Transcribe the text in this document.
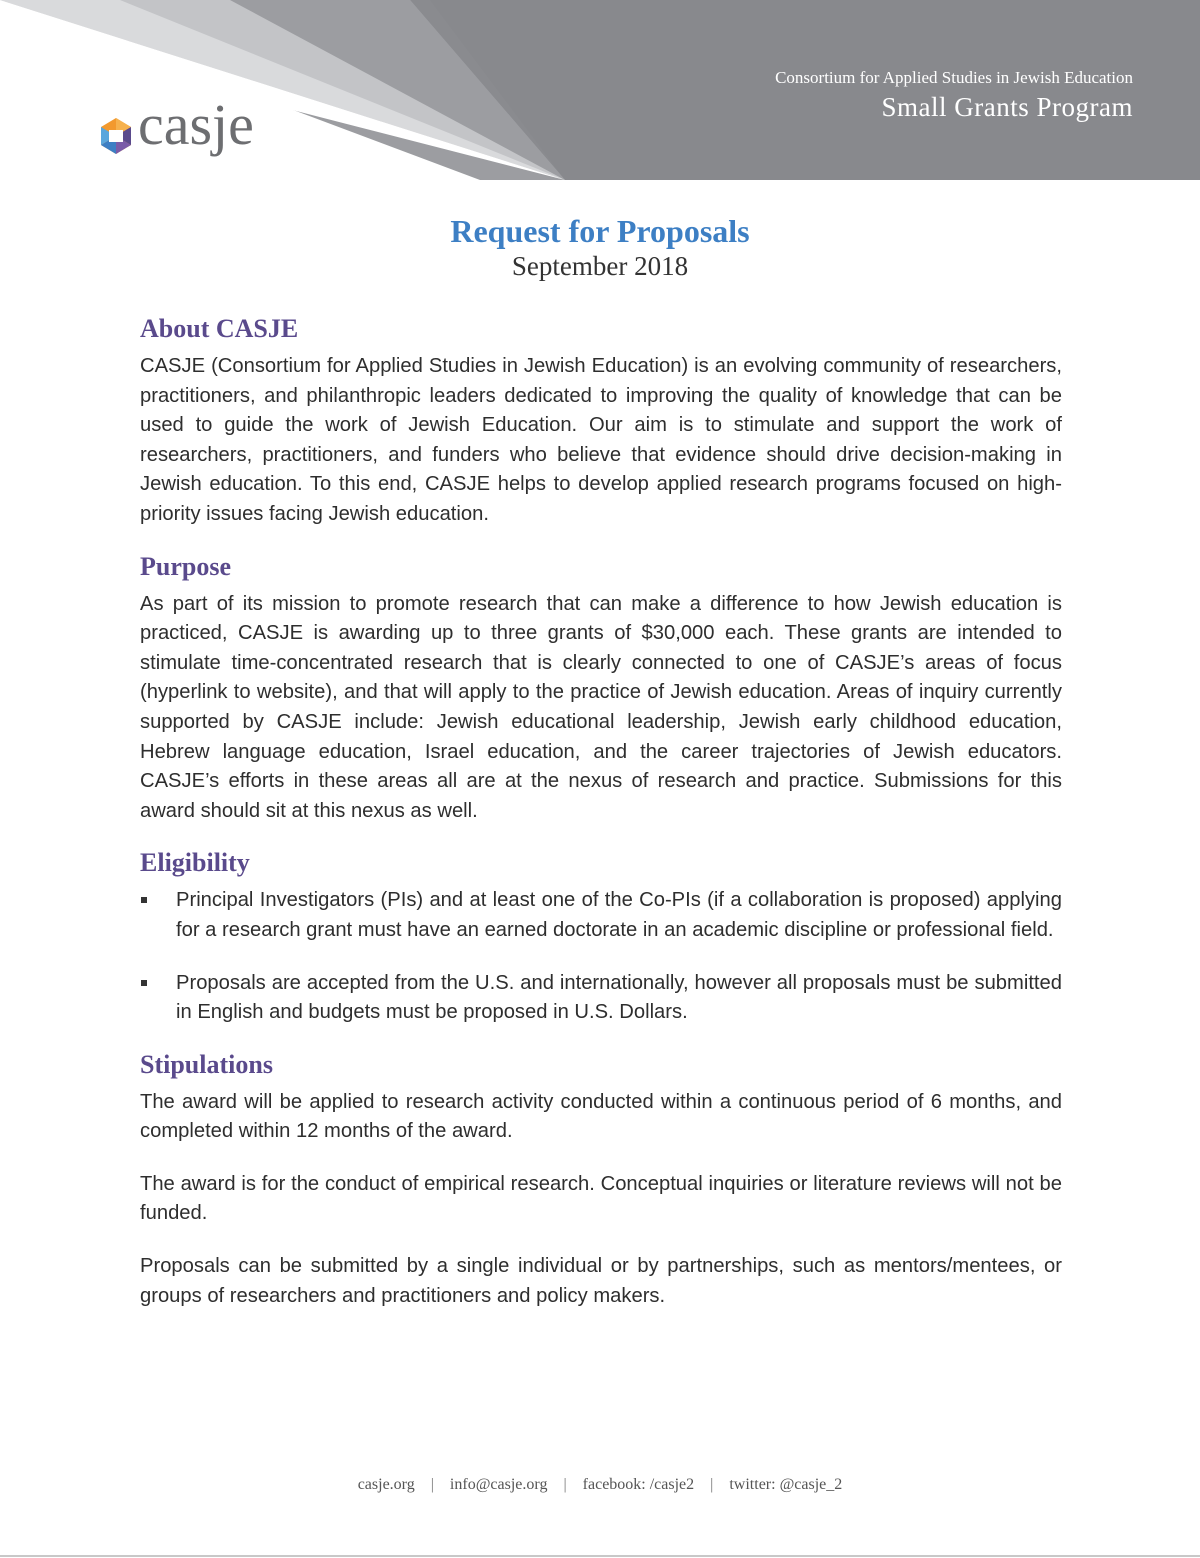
casje
Consortium for Applied Studies in Jewish Education
Small Grants Program
Request for Proposals
September 2018
About CASJE

CASJE (Consortium for Applied Studies in Jewish Education) is an evolving community of researchers, practitioners, and philanthropic leaders dedicated to improving the quality of knowledge that can be used to guide the work of Jewish Education. Our aim is to stimulate and support the work of researchers, practitioners, and funders who believe that evidence should drive decision-making in Jewish education. To this end, CASJE helps to develop applied research programs focused on high-priority issues facing Jewish education.

Purpose

As part of its mission to promote research that can make a difference to how Jewish education is practiced, CASJE is awarding up to three grants of $30,000 each. These grants are intended to stimulate time-concentrated research that is clearly connected to one of CASJE’s areas of focus (hyperlink to website), and that will apply to the practice of Jewish education. Areas of inquiry currently supported by CASJE include: Jewish educational leadership, Jewish early childhood education, Hebrew language education, Israel education, and the career trajectories of Jewish educators. CASJE’s efforts in these areas all are at the nexus of research and practice. Submissions for this award should sit at this nexus as well.

Eligibility
Principal Investigators (PIs) and at least one of the Co-PIs (if a collaboration is proposed) applying for a research grant must have an earned doctorate in an academic discipline or professional field.
Proposals are accepted from the U.S. and internationally, however all proposals must be submitted in English and budgets must be proposed in U.S. Dollars.
Stipulations

The award will be applied to research activity conducted within a continuous period of 6 months, and completed within 12 months of the award.

The award is for the conduct of empirical research. Conceptual inquiries or literature reviews will not be funded.

Proposals can be submitted by a single individual or by partnerships, such as mentors/mentees, or groups of researchers and practitioners and policy makers.

casje.org | info@casje.org | facebook: /casje2 | twitter: @casje_2
